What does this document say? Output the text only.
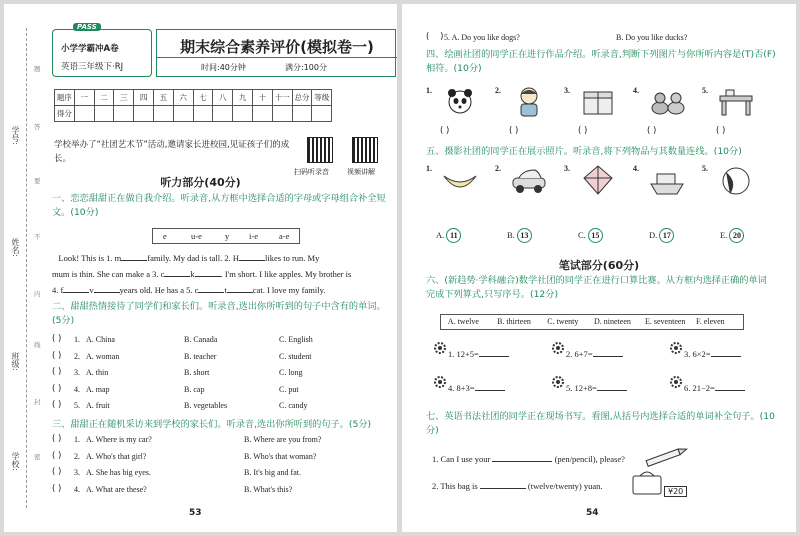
学号:
姓名:
班级:
学校:
题
答
要
不
内
线
封
密
PASS
小学学霸冲A卷
英语三年级下·RJ
期末综合素养评价(模拟卷一)
时间:40分钟	满分:100分
题序	一	二	三	四	五	六	七	八	九	十	十一	总分	等级
得分													
学校举办了“社团艺术节”活动,邀请家长进校园,见证孩子们的成长。
扫码听录音	视频讲解
听力部分(40分)
一、恋恋甜甜正在做自我介绍。听录音,从方框中选择合适的字母或字母组合补全短文。(10分)
e	u-e	y i-e a-e
Look! This is 1. m	family. My dad is tall. 2. H	likes to run. My
mum is thin. She can make a 3. c	k	. I'm short. I like apples. My brother is
4. f	v	years old. He has a 5. c	t	cat. I love my family.
二、甜甜热情接待了同学们和家长们。听录音,选出你所听到的句子中含有的单词。(5分)
三、甜甜正在随机采访来到学校的家长们。听录音,选出你所听到的句子。(5分)
53
( ) 1. A. China	B. Canada	C. English
( ) 2. A. woman	B. teacher	C. student
( ) 3. A. thin	B. short	C. long
( ) 4. A. map	B. cap	C. put
( ) 5. A. fruit	B. vegetables	C. candy
( ) 1. A. Where is my car?	B. Where are you from?
( ) 2. A. Who's that girl?	B. Who's that woman?
( ) 3. A. She has big eyes.	B. It's big and fat.
( ) 4. A. What are these?	B. What's this?
(    ) 5. A. Do you like dogs?	B. Do you like ducks?
四、绘画社团的同学正在进行作品介绍。听录音,判断下列图片与你所听内容是(T)否(F)相符。(10分)
五、摄影社团的同学正在展示照片。听录音,将下列物品与其数量连线。(10分)
笔试部分(60分)
六、(新趋势·学科融合)数学社团的同学正在进行口算比赛。从方框内选择正确的单词完成下列算式,只写序号。(12分)
A. twelve B. thirteen C. twenty D. nineteen E. seventeen F. eleven
七、英语书法社团的同学正在现场书写。看图,从括号内选择合适的单词补全句子。(10分)
1. Can I use your	(pen/pencil), please?
2. This bag is	(twelve/twenty) yuan.
¥20
54
1.
( )
2.
( )
3.
( )
4.
( )
5.
( )
1.	2.	3.	4.	5.
A. 11	B. 13	C. 15	D. 17	E. 20
1. 12+5=	2. 6+7=	3. 6×2=
4. 8+3=	5. 12+8=	6. 21−2=
